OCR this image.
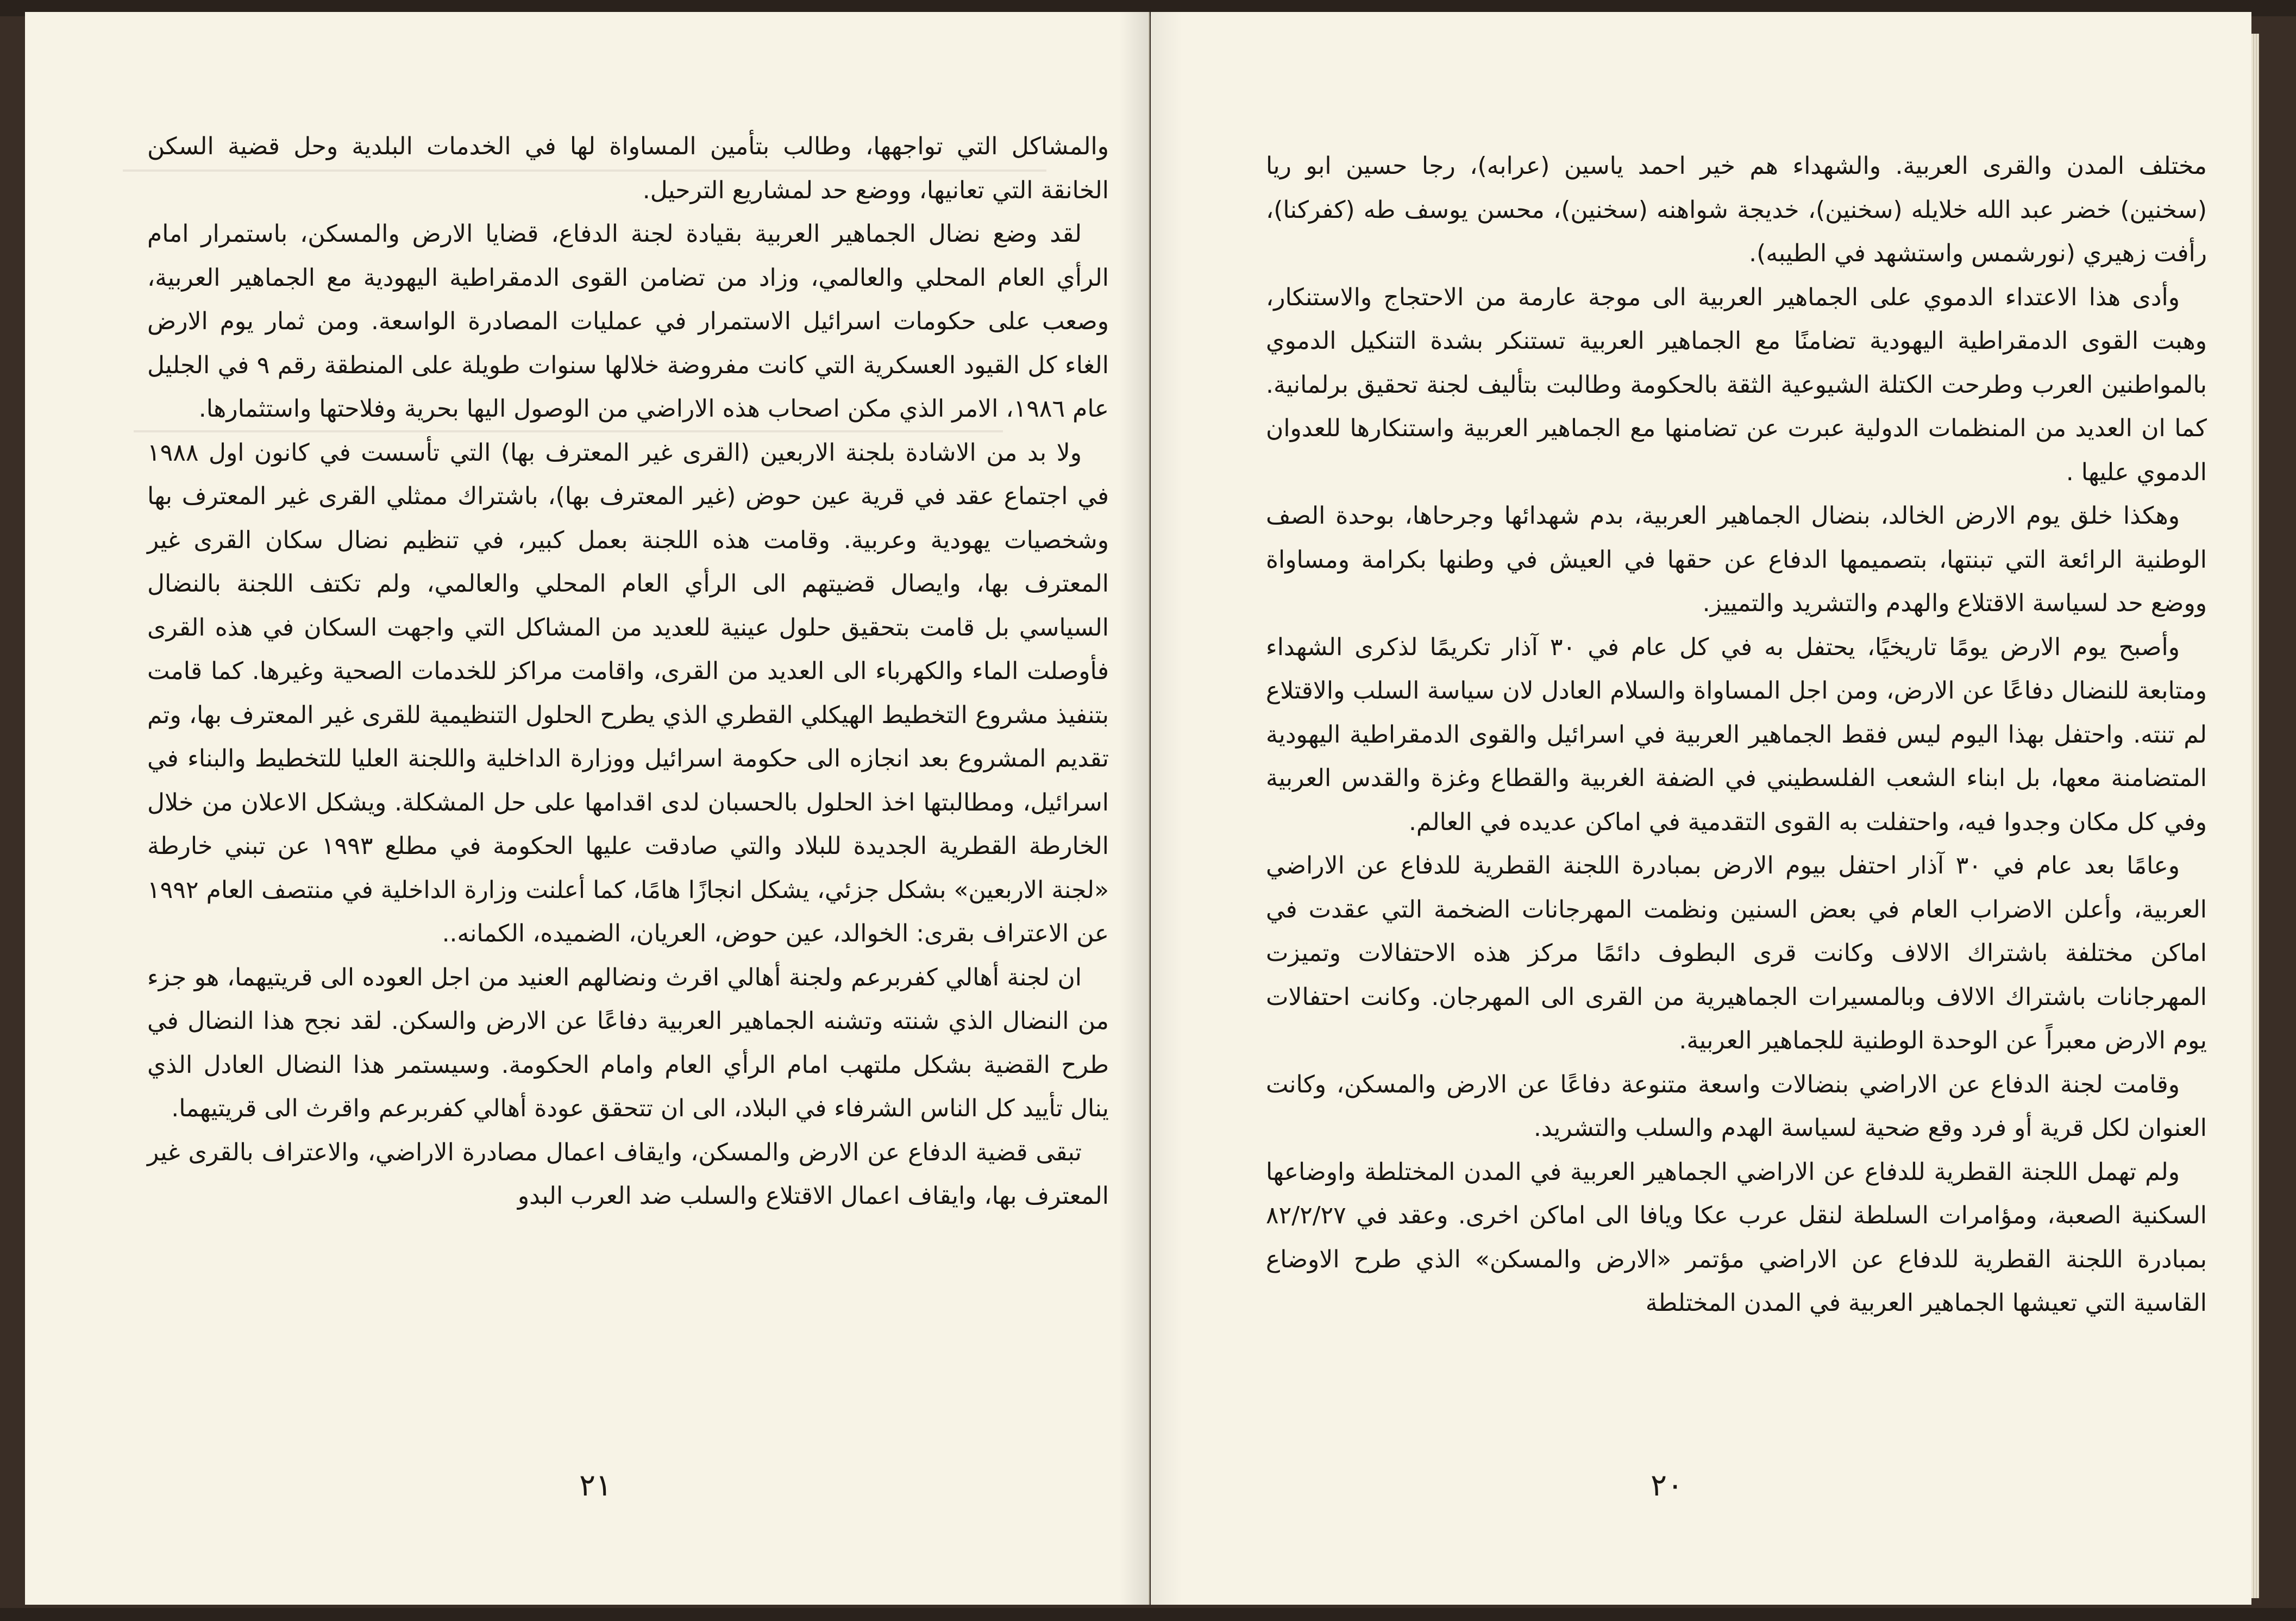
والمشاكل التي تواجهها، وطالب بتأمين المساواة لها في الخدمات البلدية وحل قضية السكن الخانقة التي تعانيها، ووضع حد لمشاريع الترحيل.

لقد وضع نضال الجماهير العربية بقيادة لجنة الدفاع، قضايا الارض والمسكن، باستمرار امام الرأي العام المحلي والعالمي، وزاد من تضامن القوى الدمقراطية اليهودية مع الجماهير العربية، وصعب على حكومات اسرائيل الاستمرار في عمليات المصادرة الواسعة. ومن ثمار يوم الارض الغاء كل القيود العسكرية التي كانت مفروضة خلالها سنوات طويلة على المنطقة رقم ٩ في الجليل عام ١٩٨٦، الامر الذي مكن اصحاب هذه الاراضي من الوصول اليها بحرية وفلاحتها واستثمارها.

ولا بد من الاشادة بلجنة الاربعين (القرى غير المعترف بها) التي تأسست في كانون اول ١٩٨٨ في اجتماع عقد في قرية عين حوض (غير المعترف بها)، باشتراك ممثلي القرى غير المعترف بها وشخصيات يهودية وعربية. وقامت هذه اللجنة بعمل كبير، في تنظيم نضال سكان القرى غير المعترف بها، وايصال قضيتهم الى الرأي العام المحلي والعالمي، ولم تكتف اللجنة بالنضال السياسي بل قامت بتحقيق حلول عينية للعديد من المشاكل التي واجهت السكان في هذه القرى فأوصلت الماء والكهرباء الى العديد من القرى، واقامت مراكز للخدمات الصحية وغيرها. كما قامت بتنفيذ مشروع التخطيط الهيكلي القطري الذي يطرح الحلول التنظيمية للقرى غير المعترف بها، وتم تقديم المشروع بعد انجازه الى حكومة اسرائيل ووزارة الداخلية واللجنة العليا للتخطيط والبناء في اسرائيل، ومطالبتها اخذ الحلول بالحسبان لدى اقدامها على حل المشكلة. ويشكل الاعلان من خلال الخارطة القطرية الجديدة للبلاد والتي صادقت عليها الحكومة في مطلع ١٩٩٣ عن تبني خارطة «لجنة الاربعين» بشكل جزئي، يشكل انجازًا هامًا، كما أعلنت وزارة الداخلية في منتصف العام ١٩٩٢ عن الاعتراف بقرى: الخوالد، عين حوض، العريان، الضميده، الكمانه..

ان لجنة أهالي كفربرعم ولجنة أهالي اقرث ونضالهم العنيد من اجل العوده الى قريتيهما، هو جزء من النضال الذي شنته وتشنه الجماهير العربية دفاعًا عن الارض والسكن. لقد نجح هذا النضال في طرح القضية بشكل ملتهب امام الرأي العام وامام الحكومة. وسيستمر هذا النضال العادل الذي ينال تأييد كل الناس الشرفاء في البلاد، الى ان تتحقق عودة أهالي كفربرعم واقرث الى قريتيهما.

تبقى قضية الدفاع عن الارض والمسكن، وايقاف اعمال مصادرة الاراضي، والاعتراف بالقرى غير المعترف بها، وايقاف اعمال الاقتلاع والسلب ضد العرب البدو

٢١

مختلف المدن والقرى العربية. والشهداء هم خير احمد ياسين (عرابه)، رجا حسين ابو ريا (سخنين) خضر عبد الله خلايله (سخنين)، خديجة شواهنه (سخنين)، محسن يوسف طه (كفركنا)، رأفت زهيري (نورشمس واستشهد في الطيبه).

وأدى هذا الاعتداء الدموي على الجماهير العربية الى موجة عارمة من الاحتجاج والاستنكار، وهبت القوى الدمقراطية اليهودية تضامنًا مع الجماهير العربية تستنكر بشدة التنكيل الدموي بالمواطنين العرب وطرحت الكتلة الشيوعية الثقة بالحكومة وطالبت بتأليف لجنة تحقيق برلمانية. كما ان العديد من المنظمات الدولية عبرت عن تضامنها مع الجماهير العربية واستنكارها للعدوان الدموي عليها .

وهكذا خلق يوم الارض الخالد، بنضال الجماهير العربية، بدم شهدائها وجرحاها، بوحدة الصف الوطنية الرائعة التي تبنتها، بتصميمها الدفاع عن حقها في العيش في وطنها بكرامة ومساواة ووضع حد لسياسة الاقتلاع والهدم والتشريد والتمييز.

وأصبح يوم الارض يومًا تاريخيًا، يحتفل به في كل عام في ٣٠ آذار تكريمًا لذكرى الشهداء ومتابعة للنضال دفاعًا عن الارض، ومن اجل المساواة والسلام العادل لان سياسة السلب والاقتلاع لم تنته. واحتفل بهذا اليوم ليس فقط الجماهير العربية في اسرائيل والقوى الدمقراطية اليهودية المتضامنة معها، بل ابناء الشعب الفلسطيني في الضفة الغربية والقطاع وغزة والقدس العربية وفي كل مكان وجدوا فيه، واحتفلت به القوى التقدمية في اماكن عديده في العالم.

وعامًا بعد عام في ٣٠ آذار احتفل بيوم الارض بمبادرة اللجنة القطرية للدفاع عن الاراضي العربية، وأعلن الاضراب العام في بعض السنين ونظمت المهرجانات الضخمة التي عقدت في اماكن مختلفة باشتراك الالاف وكانت قرى البطوف دائمًا مركز هذه الاحتفالات وتميزت المهرجانات باشتراك الالاف وبالمسيرات الجماهيرية من القرى الى المهرجان. وكانت احتفالات يوم الارض معبراً عن الوحدة الوطنية للجماهير العربية.

وقامت لجنة الدفاع عن الاراضي بنضالات واسعة متنوعة دفاعًا عن الارض والمسكن، وكانت العنوان لكل قرية أو فرد وقع ضحية لسياسة الهدم والسلب والتشريد.

ولم تهمل اللجنة القطرية للدفاع عن الاراضي الجماهير العربية في المدن المختلطة واوضاعها السكنية الصعبة، ومؤامرات السلطة لنقل عرب عكا ويافا الى اماكن اخرى. وعقد في ٨٢/٢/٢٧ بمبادرة اللجنة القطرية للدفاع عن الاراضي مؤتمر «الارض والمسكن» الذي طرح الاوضاع القاسية التي تعيشها الجماهير العربية في المدن المختلطة

٢٠
